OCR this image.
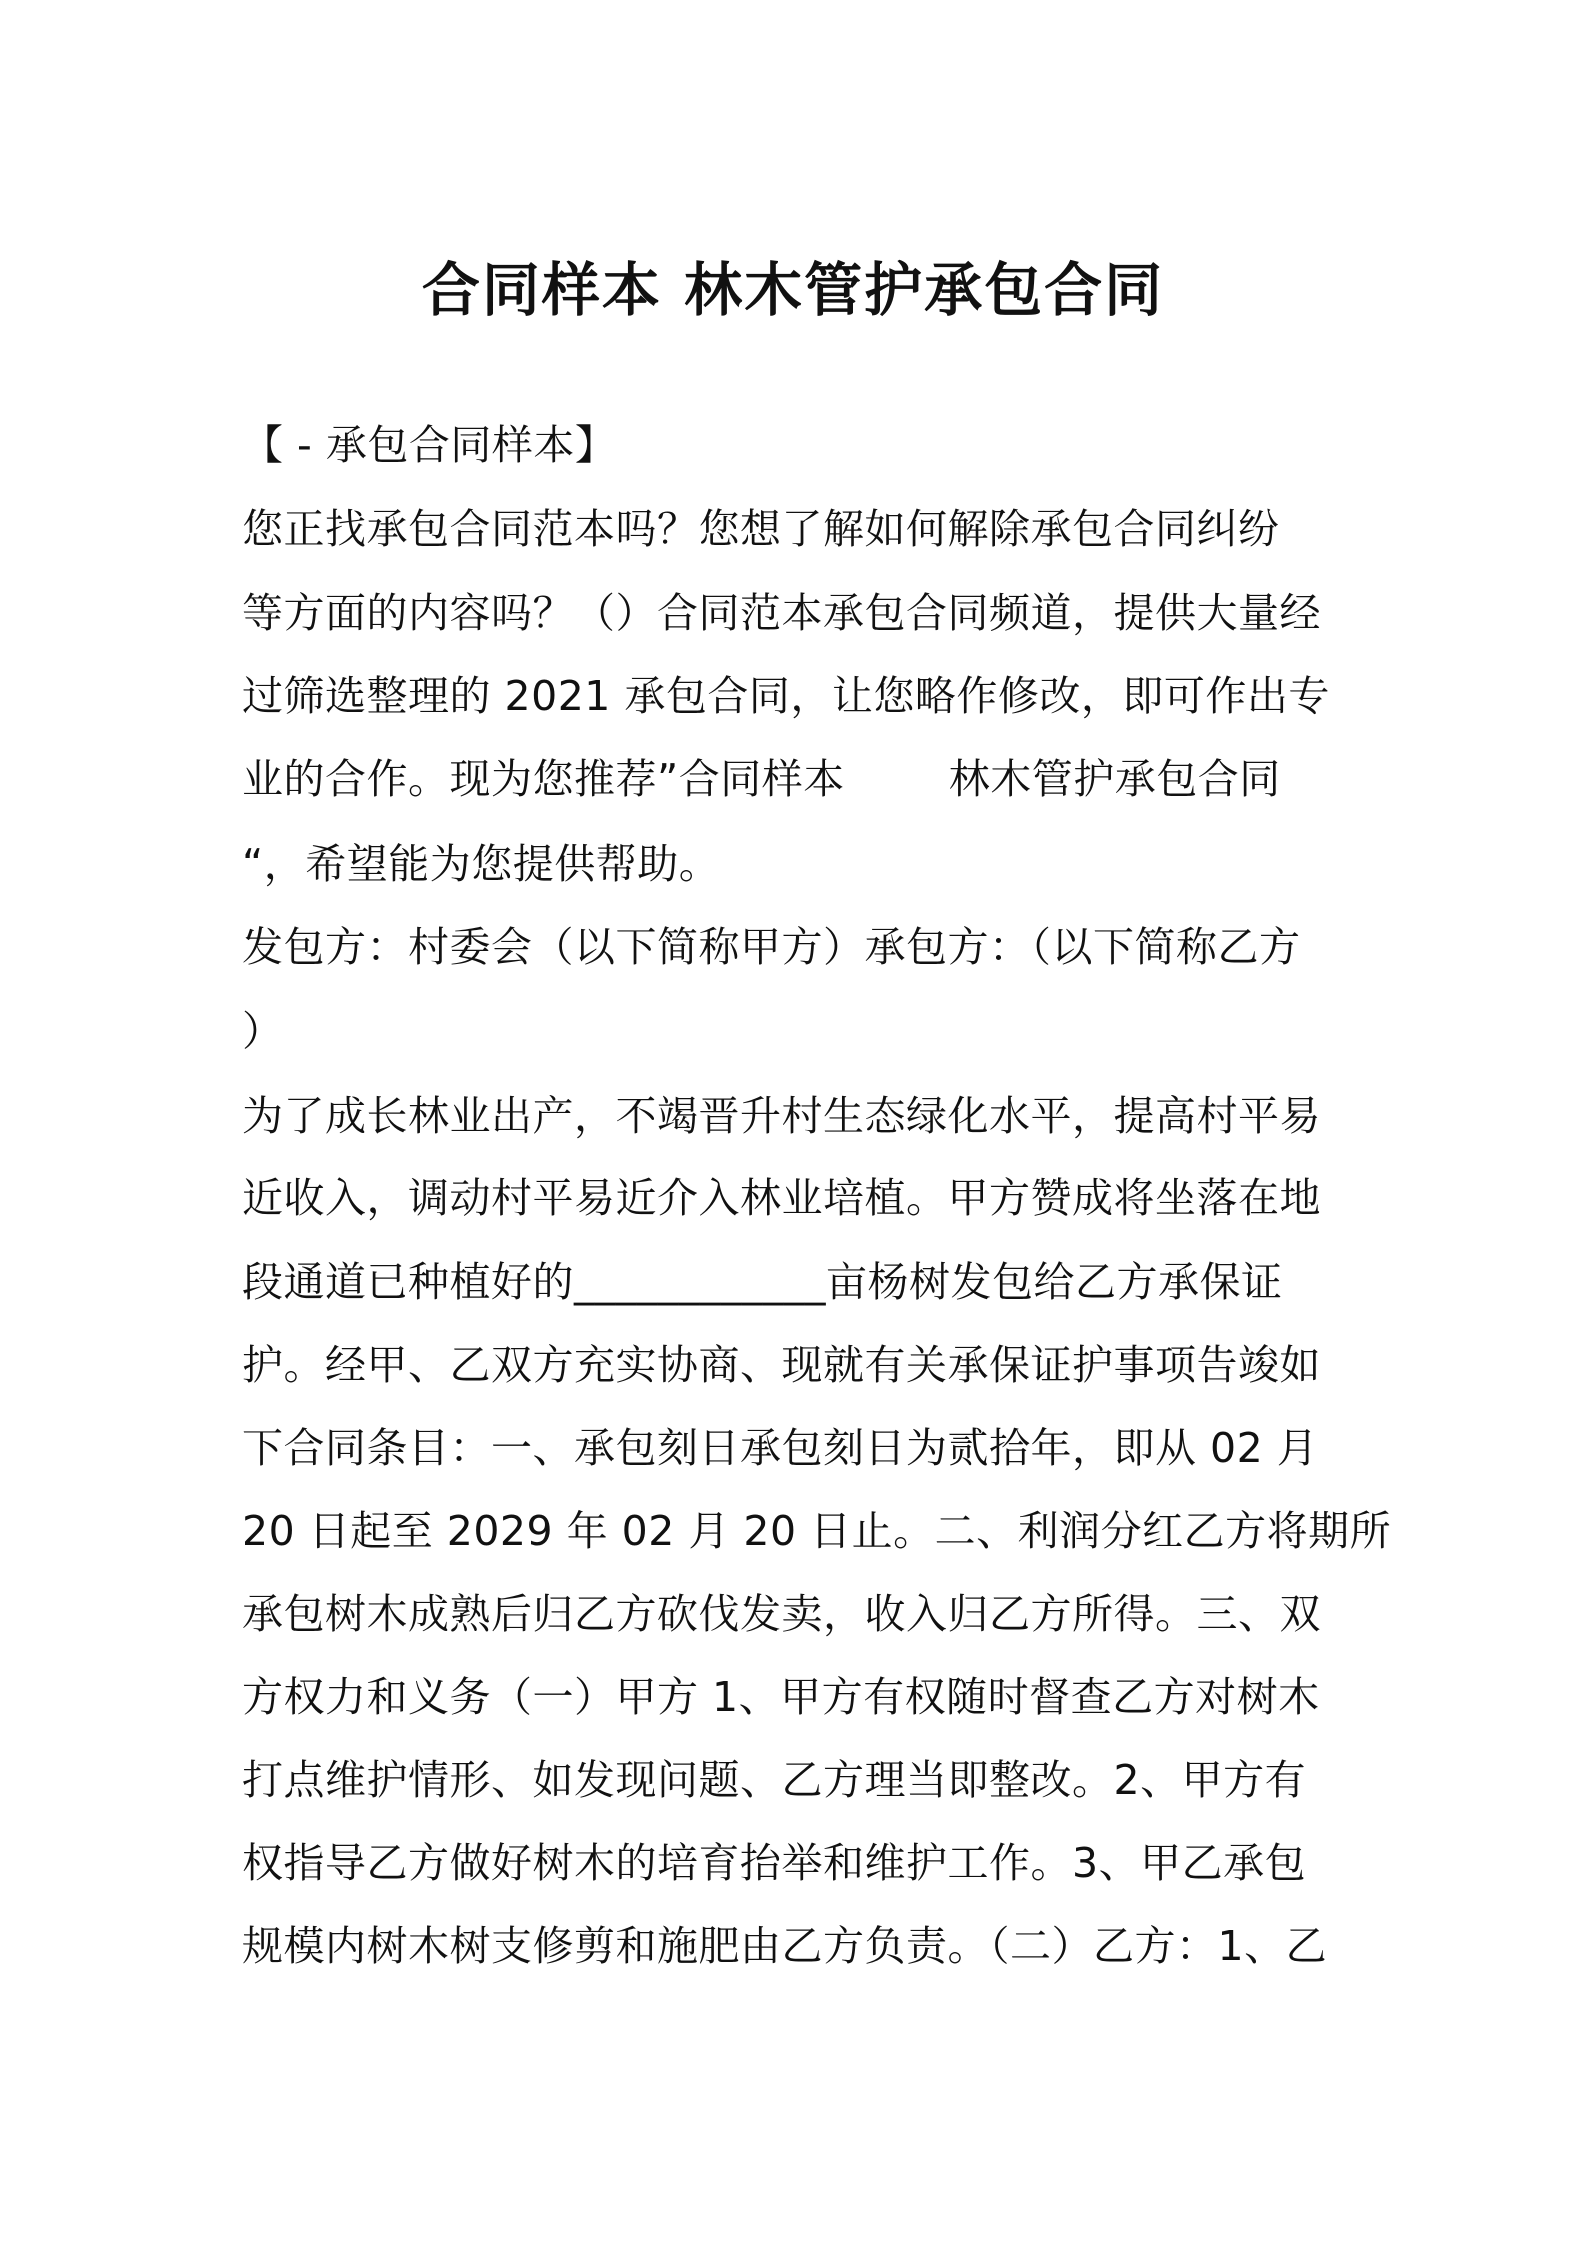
合同样本 林木管护承包合同
【 - 承包合同样本】
您正找承包合同范本吗？您想了解如何解除承包合同纠纷
等方面的内容吗？（）合同范本承包合同频道，提供大量经
过筛选整理的 2021 承包合同，让您略作修改，即可作出专
业的合作。现为您推荐”合同样本	林木管护承包合同
“，希望能为您提供帮助。
发包方：村委会（以下简称甲方）承包方：（以下简称乙方
）
为了成长林业出产，不竭晋升村生态绿化水平，提高村平易
近收入，调动村平易近介入林业培植。甲方赞成将坐落在地
段通道已种植好的____________亩杨树发包给乙方承保证
护。经甲、乙双方充实协商、现就有关承保证护事项告竣如
下合同条目：一、承包刻日承包刻日为贰拾年，即从 02 月
20 日起至 2029 年 02 月 20 日止。二、利润分红乙方将期所
承包树木成熟后归乙方砍伐发卖，收入归乙方所得。三、双
方权力和义务（一）甲方 1、甲方有权随时督查乙方对树木
打点维护情形、如发现问题、乙方理当即整改。2、甲方有
权指导乙方做好树木的培育抬举和维护工作。3、甲乙承包
规模内树木树支修剪和施肥由乙方负责。（二）乙方：1、乙
